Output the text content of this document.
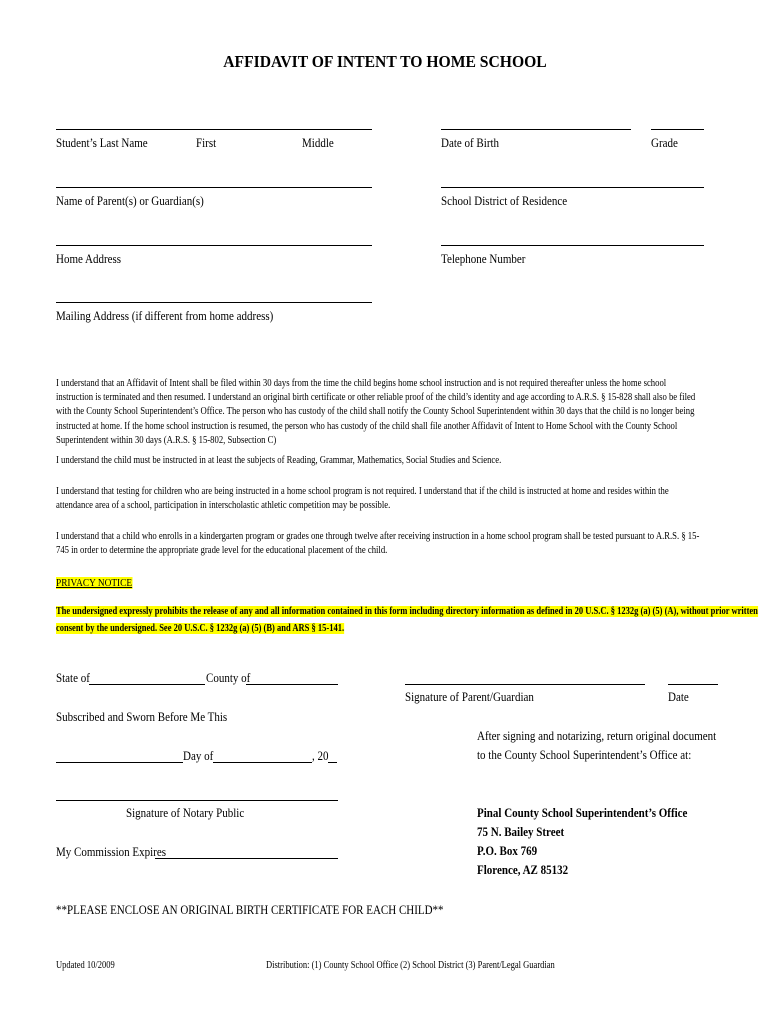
AFFIDAVIT OF INTENT TO HOME SCHOOL
Student’s Last Name	First	Middle	Date of Birth	Grade
Name of Parent(s) or Guardian(s)	School District of Residence
Home Address	Telephone Number
Mailing Address (if different from home address)
I understand that an Affidavit of Intent shall be filed within 30 days from the time the child begins home school instruction and is not required thereafter unless the home school instruction is terminated and then resumed. I understand an original birth certificate or other reliable proof of the child’s identity and age according to A.R.S. § 15-828 shall also be filed with the County School Superintendent’s Office. The person who has custody of the child shall notify the County School Superintendent within 30 days that the child is no longer being instructed at home. If the home school instruction is resumed, the person who has custody of the child shall file another Affidavit of Intent to Home School with the County School Superintendent within 30 days (A.R.S. § 15-802, Subsection C)
I understand the child must be instructed in at least the subjects of Reading, Grammar, Mathematics, Social Studies and Science.
I understand that testing for children who are being instructed in a home school program is not required. I understand that if the child is instructed at home and resides within the attendance area of a school, participation in interscholastic athletic competition may be possible.
I understand that a child who enrolls in a kindergarten program or grades one through twelve after receiving instruction in a home school program shall be tested pursuant to A.R.S. § 15-745 in order to determine the appropriate grade level for the educational placement of the child.
PRIVACY NOTICE
The undersigned expressly prohibits the release of any and all information contained in this form including directory information as defined in 20 U.S.C. § 1232g (a) (5) (A), without prior written
consent by the undersigned. See 20 U.S.C. § 1232g (a) (5) (B) and ARS § 15-141.
State of	County of
Subscribed and Sworn Before Me This
Day of	, 20
Signature of Notary Public
My Commission Expires
Signature of Parent/Guardian	Date
After signing and notarizing, return original document
to the County School Superintendent’s Office at:
Pinal County School Superintendent’s Office
75 N. Bailey Street
P.O. Box 769
Florence, AZ 85132
**PLEASE ENCLOSE AN ORIGINAL BIRTH CERTIFICATE FOR EACH CHILD**
Updated 10/2009	Distribution: (1) County School Office (2) School District (3) Parent/Legal Guardian
